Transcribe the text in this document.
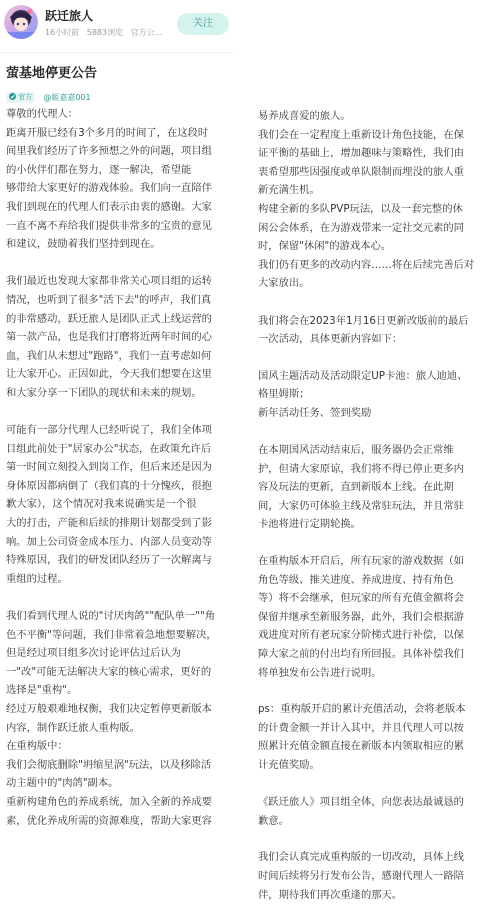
跃迁旅人
16小时前 5883浏览 官方公...
关注
萤基地停更公告
官方 @姬嘉嘉001

尊敬的代理人：

距离开服已经有3个多月的时间了，在这段时
间里我们经历了许多预想之外的问题，项目组
的小伙伴们都在努力，逐一解决，希望能
够带给大家更好的游戏体验。我们向一直陪伴
我们到现在的代理人们表示由衷的感谢。大家
一直不离不弃给我们提供非常多的宝贵的意见
和建议，鼓励着我们坚持到现在。

我们最近也发现大家都非常关心项目组的运转
情况，也听到了很多"活下去"的呼声，我们真
的非常感动，跃迁旅人是团队正式上线运营的
第一款产品，也是我们打磨将近两年时间的心
血，我们从未想过"跑路"，我们一直考虑如何
让大家开心。正因如此，今天我们想要在这里
和大家分享一下团队的现状和未来的规划。

可能有一部分代理人已经听说了，我们全体项
目组此前处于"居家办公"状态，在政策允许后
第一时间立刻投入到岗工作，但后来还是因为
身体原因都病倒了（我们真的十分愧疚，很抱
歉大家），这个情况对我来说确实是一个很
大的打击，产能和后续的排期计划都受到了影
响。加上公司资金成本压力、内部人员变动等
特殊原因，我们的研发团队经历了一次解离与
重组的过程。

我们看到代理人说的"讨厌肉鸽""配队单一""角
色不平衡"等问题，我们非常着急地想要解决，
但是经过项目组多次讨论评估过后认为
一"改"可能无法解决大家的核心需求，更好的
选择是"重构"。

经过万般艰难地权衡，我们决定暂停更新版本
内容，制作跃迁旅人重构版。

在重构版中：

我们会彻底删除"坍缩星涡"玩法，以及移除活
动主题中的"肉鸽"副本。

重新构建角色的养成系统，加入全新的养成要
素，优化养成所需的资源难度，帮助大家更容

易养成喜爱的旅人。

我们会在一定程度上重新设计角色技能，在保
证平衡的基础上，增加趣味与策略性，我们由
衷希望那些因强度或单队限制而埋没的旅人重
新充满生机。

构建全新的多队PVP玩法，以及一套完整的休
闲公会体系，在为游戏带来一定社交元素的同
时，保留"休闲"的游戏本心。

我们仍有更多的改动内容……将在后续完善后对
大家放出。

我们将会在2023年1月16日更新改版前的最后
一次活动，具体更新内容如下：

国风主题活动及活动限定UP卡池：旅人迪迪、
格里姆斯；

新年活动任务、签到奖励

在本期国风活动结束后，服务器仍会正常维
护，但请大家原谅，我们将不得已停止更多内
容及玩法的更新，直到新版本上线。在此期
间，大家仍可体验主线及常驻玩法，并且常驻
卡池将进行定期轮换。

在重构版本开启后，所有玩家的游戏数据（如
角色等级、推关进度、养成进度、持有角色
等）将不会继承，但玩家的所有充值金额将会
保留并继承至新服务器，此外，我们会根据游
戏进度对所有老玩家分阶梯式进行补偿，以保
障大家之前的付出均有所回报。具体补偿我们
将单独发布公告进行说明。

ps：重构版开启的累计充值活动，会将老版本
的计费金额一并计入其中，并且代理人可以按
照累计充值金额直接在新版本内领取相应的累
计充值奖励。

《跃迁旅人》项目组全体，向您表达最诚恳的
歉意。

我们会认真完成重构版的一切改动，具体上线
时间后续将另行发布公告，感谢代理人一路陪
伴，期待我们再次重逢的那天。
